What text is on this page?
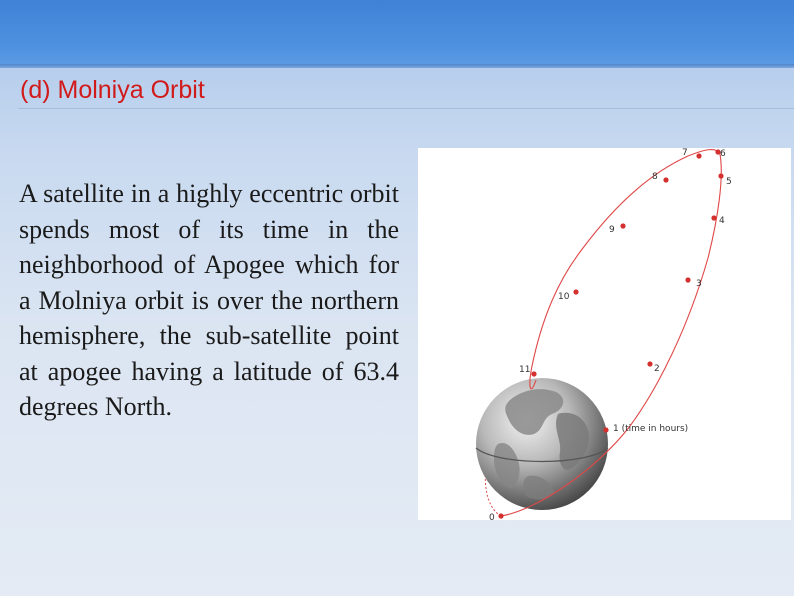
(d) Molniya Orbit

A satellite in a highly eccentric orbit spends most of its time in the neighborhood of Apogee which for a Molniya orbit is over the northern hemisphere, the sub-satellite point at apogee having a latitude of 63.4 degrees North.

0
1 (time in hours)
2
3
4
5
6
7
8
9
10
11
